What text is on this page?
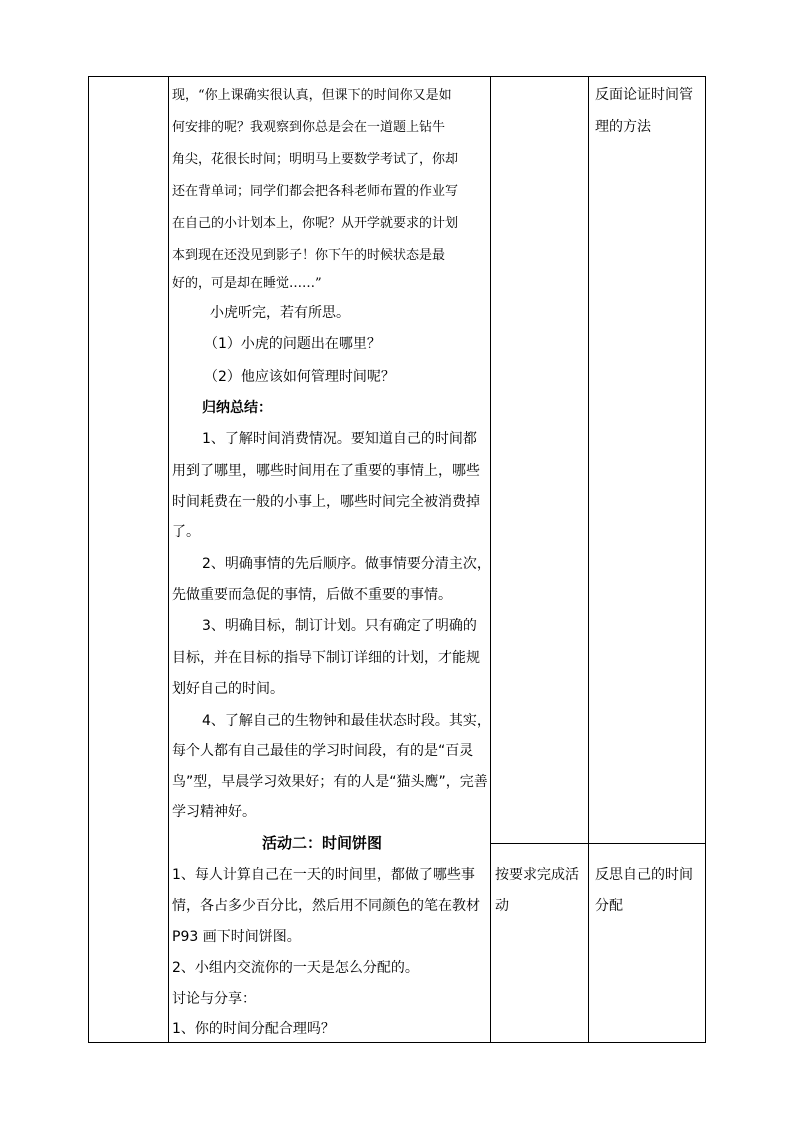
现，“你上课确实很认真，但课下的时间你又是如
何安排的呢？我观察到你总是会在一道题上钻牛
角尖，花很长时间；明明马上要数学考试了，你却
还在背单词；同学们都会把各科老师布置的作业写
在自己的小计划本上，你呢？从开学就要求的计划
本到现在还没见到影子！你下午的时候状态是最
好的，可是却在睡觉……”
小虎听完，若有所思。
（1）小虎的问题出在哪里？
（2）他应该如何管理时间呢？
归纳总结：
1、了解时间消费情况。要知道自己的时间都
用到了哪里，哪些时间用在了重要的事情上，哪些
时间耗费在一般的小事上，哪些时间完全被消费掉
了。
2、明确事情的先后顺序。做事情要分清主次，
先做重要而急促的事情，后做不重要的事情。
3、明确目标，制订计划。只有确定了明确的
目标，并在目标的指导下制订详细的计划，才能规
划好自己的时间。
4、了解自己的生物钟和最佳状态时段。其实，
每个人都有自己最佳的学习时间段，有的是“百灵
鸟”型，早晨学习效果好；有的人是“猫头鹰”，完善
学习精神好。
活动二：时间饼图
1、每人计算自己在一天的时间里，都做了哪些事
情，各占多少百分比，然后用不同颜色的笔在教材
P93 画下时间饼图。
2、小组内交流你的一天是怎么分配的。
讨论与分享：
1、你的时间分配合理吗？
按要求完成活
动
反面论证时间管
理的方法
反思自己的时间
分配
